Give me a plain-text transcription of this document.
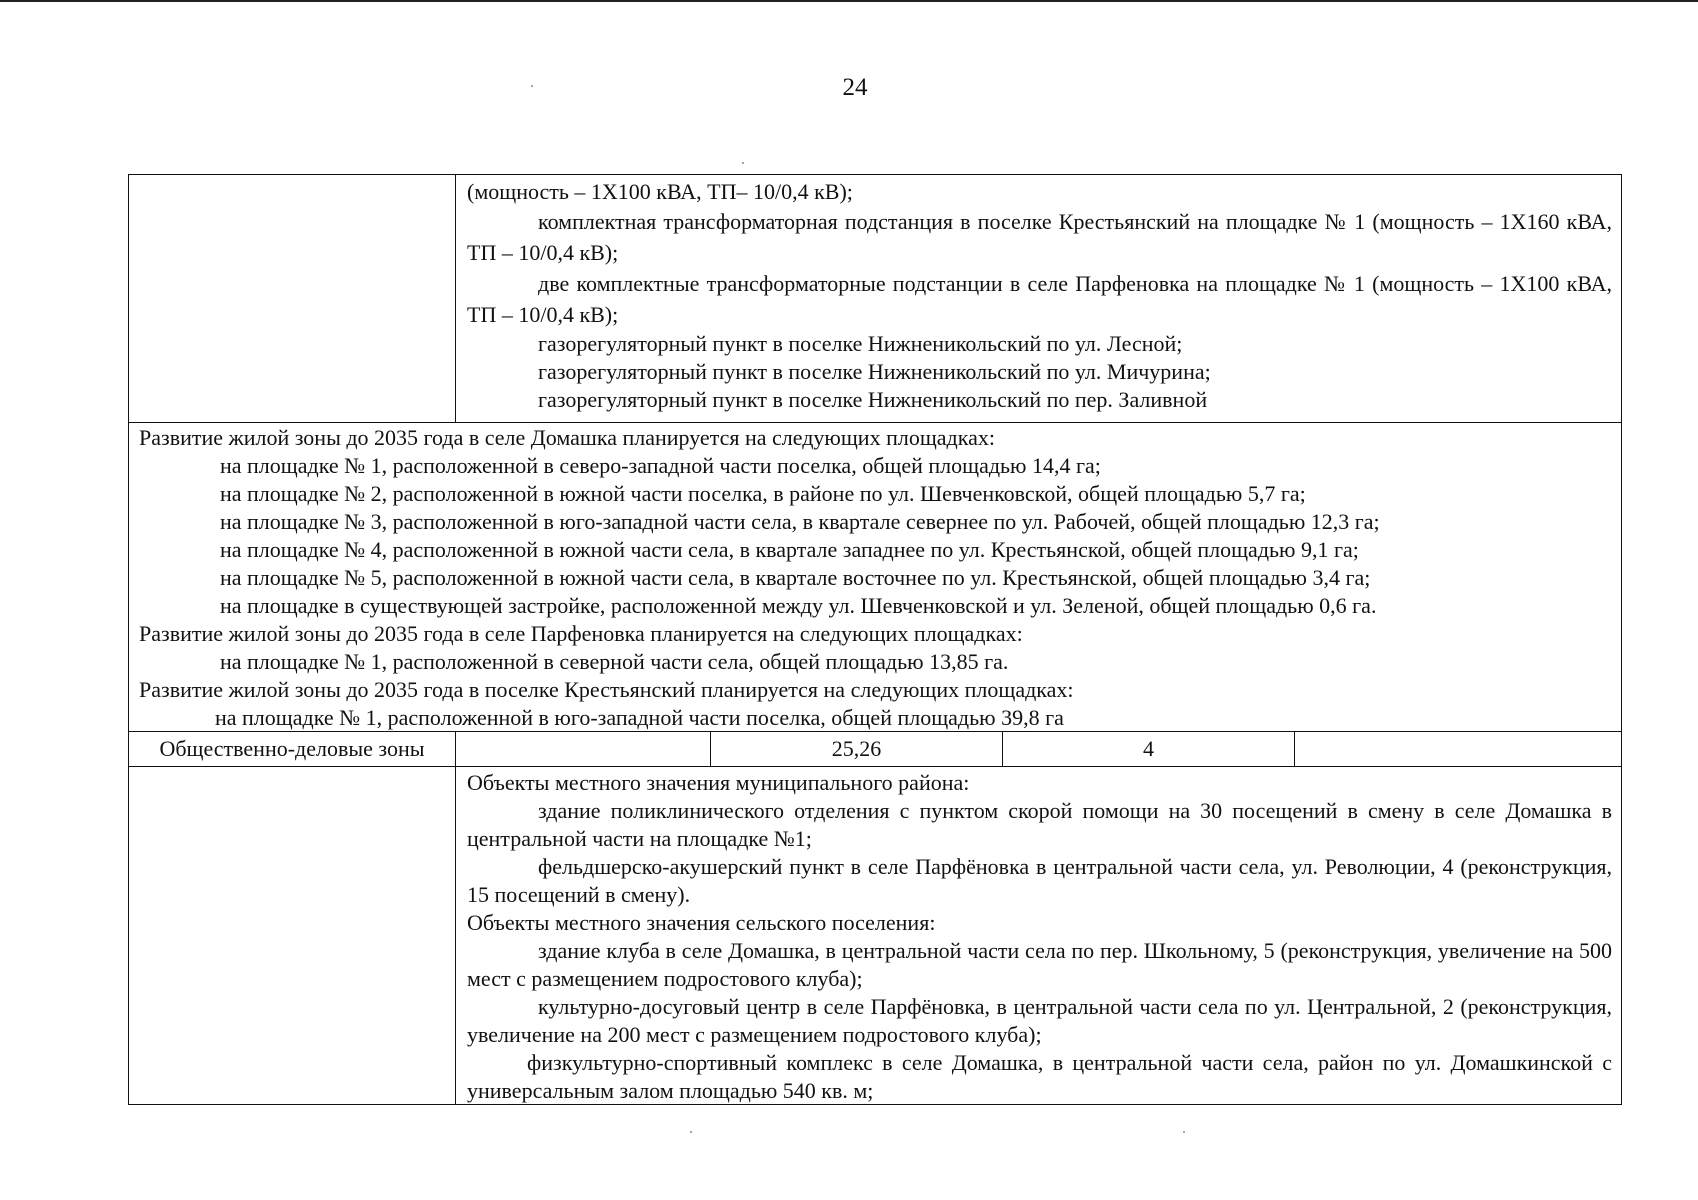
24

(мощность – 1X100 кВА, ТП– 10/0,4 кВ);

комплектная трансформаторная подстанция в поселке Крестьянский на площадке № 1 (мощность – 1X160 кВА, ТП – 10/0,4 кВ);

две комплектные трансформаторные подстанции в селе Парфеновка на площадке № 1 (мощность – 1X100 кВА, ТП – 10/0,4 кВ);

газорегуляторный пункт в поселке Нижненикольский по ул. Лесной;

газорегуляторный пункт в поселке Нижненикольский по ул. Мичурина;

газорегуляторный пункт в поселке Нижненикольский по пер. Заливной

Развитие жилой зоны до 2035 года в селе Домашка планируется на следующих площадках:

на площадке № 1, расположенной в северо-западной части поселка, общей площадью 14,4 га;

на площадке № 2, расположенной в южной части поселка, в районе по ул. Шевченковской, общей площадью 5,7 га;

на площадке № 3, расположенной в юго-западной части села, в квартале севернее по ул. Рабочей, общей площадью 12,3 га;

на площадке № 4, расположенной в южной части села, в квартале западнее по ул. Крестьянской, общей площадью 9,1 га;

на площадке № 5, расположенной в южной части села, в квартале восточнее по ул. Крестьянской, общей площадью 3,4 га;

на площадке в существующей застройке, расположенной между ул. Шевченковской и ул. Зеленой, общей площадью 0,6 га.

Развитие жилой зоны до 2035 года в селе Парфеновка планируется на следующих площадках:

на площадке № 1, расположенной в северной части села, общей площадью 13,85 га.

Развитие жилой зоны до 2035 года в поселке Крестьянский планируется на следующих площадках:

на площадке № 1, расположенной в юго-западной части поселка, общей площадью 39,8 га

Общественно-деловые зоны	25,26	4

Объекты местного значения муниципального района:

здание поликлинического отделения с пунктом скорой помощи на 30 посещений в смену в селе Домашка в центральной части на площадке №1;

фельдшерско-акушерский пункт в селе Парфёновка в центральной части села, ул. Революции, 4 (реконструкция, 15 посещений в смену).

Объекты местного значения сельского поселения:

здание клуба в селе Домашка, в центральной части села по пер. Школьному, 5 (реконструкция, увеличение на 500 мест с размещением подростового клуба);

культурно-досуговый центр в селе Парфёновка, в центральной части села по ул. Центральной, 2 (реконструкция, увеличение на 200 мест с размещением подростового клуба);

физкультурно-спортивный комплекс в селе Домашка, в центральной части села, район по ул. Домашкинской с универсальным залом площадью 540 кв. м;
